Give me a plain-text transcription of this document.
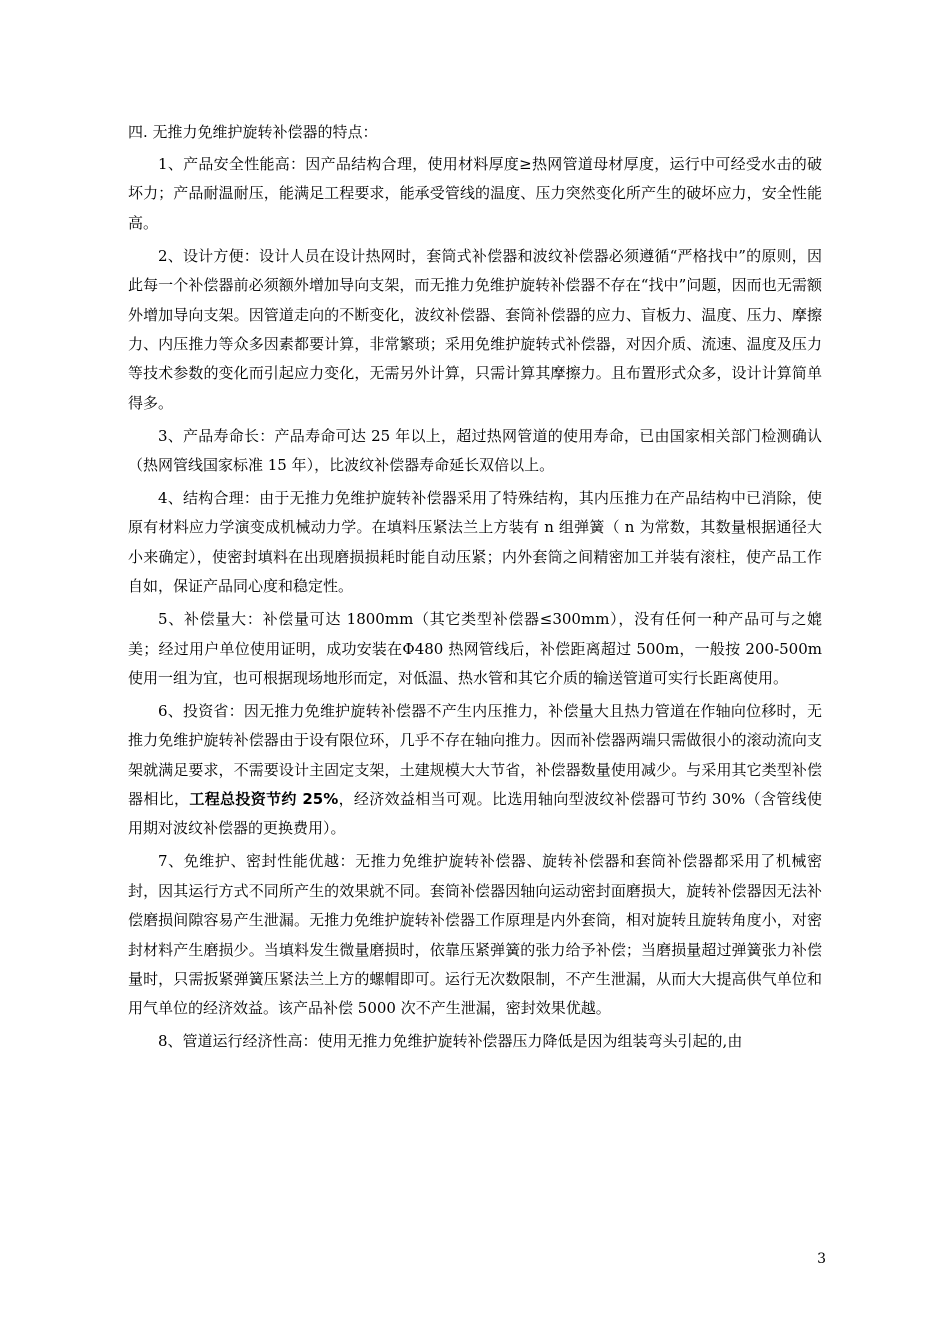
四. 无推力免维护旋转补偿器的特点：

1、产品安全性能高：因产品结构合理，使用材料厚度≥热网管道母材厚度，运行中可经受水击的破坏力；产品耐温耐压，能满足工程要求，能承受管线的温度、压力突然变化所产生的破坏应力，安全性能高。

2、设计方便：设计人员在设计热网时，套筒式补偿器和波纹补偿器必须遵循“严格找中”的原则，因此每一个补偿器前必须额外增加导向支架，而无推力免维护旋转补偿器不存在“找中”问题，因而也无需额外增加导向支架。因管道走向的不断变化，波纹补偿器、套筒补偿器的应力、盲板力、温度、压力、摩擦力、内压推力等众多因素都要计算，非常繁琐；采用免维护旋转式补偿器，对因介质、流速、温度及压力等技术参数的变化而引起应力变化，无需另外计算，只需计算其摩擦力。且布置形式众多，设计计算简单得多。

3、产品寿命长：产品寿命可达 25 年以上，超过热网管道的使用寿命，已由国家相关部门检测确认（热网管线国家标准 15 年），比波纹补偿器寿命延长双倍以上。

4、结构合理：由于无推力免维护旋转补偿器采用了特殊结构，其内压推力在产品结构中已消除，使原有材料应力学演变成机械动力学。在填料压紧法兰上方装有 n 组弹簧（ n 为常数，其数量根据通径大小来确定），使密封填料在出现磨损损耗时能自动压紧；内外套筒之间精密加工并装有滚柱，使产品工作自如，保证产品同心度和稳定性。

5、补偿量大：补偿量可达 1800mm（其它类型补偿器≤300mm），没有任何一种产品可与之媲美；经过用户单位使用证明，成功安装在Φ480 热网管线后，补偿距离超过 500m，一般按 200-500m 使用一组为宜，也可根据现场地形而定，对低温、热水管和其它介质的输送管道可实行长距离使用。

6、投资省：因无推力免维护旋转补偿器不产生内压推力，补偿量大且热力管道在作轴向位移时，无推力免维护旋转补偿器由于设有限位环，几乎不存在轴向推力。因而补偿器两端只需做很小的滚动流向支架就满足要求，不需要设计主固定支架，土建规模大大节省，补偿器数量使用减少。与采用其它类型补偿器相比，工程总投资节约 25%，经济效益相当可观。比选用轴向型波纹补偿器可节约 30%（含管线使用期对波纹补偿器的更换费用）。

7、免维护、密封性能优越：无推力免维护旋转补偿器、旋转补偿器和套筒补偿器都采用了机械密封，因其运行方式不同所产生的效果就不同。套筒补偿器因轴向运动密封面磨损大，旋转补偿器因无法补偿磨损间隙容易产生泄漏。无推力免维护旋转补偿器工作原理是内外套筒，相对旋转且旋转角度小，对密封材料产生磨损少。当填料发生微量磨损时，依靠压紧弹簧的张力给予补偿；当磨损量超过弹簧张力补偿量时，只需扳紧弹簧压紧法兰上方的螺帽即可。运行无次数限制，不产生泄漏，从而大大提高供气单位和用气单位的经济效益。该产品补偿 5000 次不产生泄漏，密封效果优越。

8、管道运行经济性高：使用无推力免维护旋转补偿器压力降低是因为组装弯头引起的,由

3
